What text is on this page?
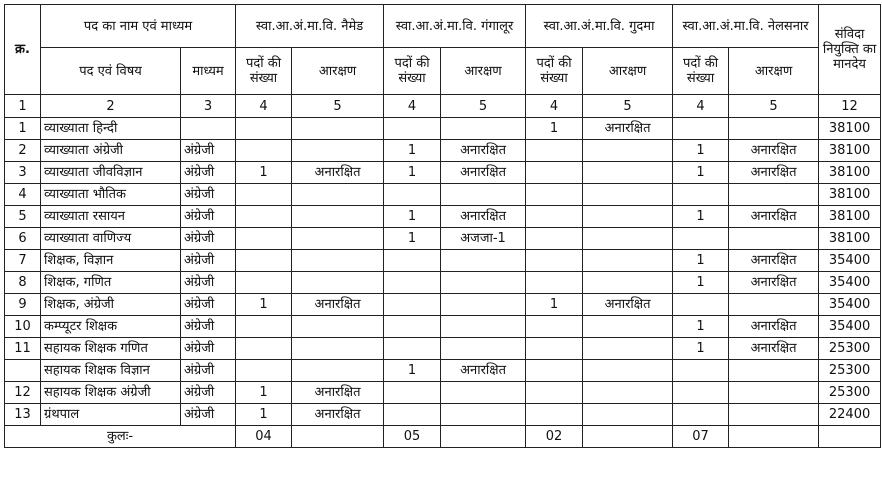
क्र.	पद का नाम एवं माध्यम		स्वा.आ.अं.मा.वि. नैमेड		स्वा.आ.अं.मा.वि. गंगालूर		स्वा.आ.अं.मा.वि. गुदमा		स्वा.आ.अं.मा.वि. नेलसनार		संविदा नियुक्ति का मानदेय
	पद एवं विषय	माध्यम	पदों की संख्या	आरक्षण	पदों की संख्या	आरक्षण	पदों की संख्या	आरक्षण	पदों की संख्या	आरक्षण	
1	2	3	4	5	4	5	4	5	4	5	12
1	व्याख्याता हिन्दी						1	अनारक्षित			38100
2	व्याख्याता अंग्रेजी	अंग्रेजी			1	अनारक्षित			1	अनारक्षित	38100
3	व्याख्याता जीवविज्ञान	अंग्रेजी	1	अनारक्षित	1	अनारक्षित			1	अनारक्षित	38100
4	व्याख्याता भौतिक	अंग्रेजी									38100
5	व्याख्याता रसायन	अंग्रेजी			1	अनारक्षित			1	अनारक्षित	38100
6	व्याख्याता वाणिज्य	अंग्रेजी			1	अजजा-1					38100
7	शिक्षक, विज्ञान	अंग्रेजी							1	अनारक्षित	35400
8	शिक्षक, गणित	अंग्रेजी							1	अनारक्षित	35400
9	शिक्षक, अंग्रेजी	अंग्रेजी	1	अनारक्षित			1	अनारक्षित			35400
10	कम्प्यूटर शिक्षक	अंग्रेजी							1	अनारक्षित	35400
11	सहायक शिक्षक गणित	अंग्रेजी							1	अनारक्षित	25300
	सहायक शिक्षक विज्ञान	अंग्रेजी			1	अनारक्षित					25300
12	सहायक शिक्षक अंग्रेजी	अंग्रेजी	1	अनारक्षित							25300
13	ग्रंथपाल	अंग्रेजी	1	अनारक्षित							22400
कुलः-			04		05		02		07		
